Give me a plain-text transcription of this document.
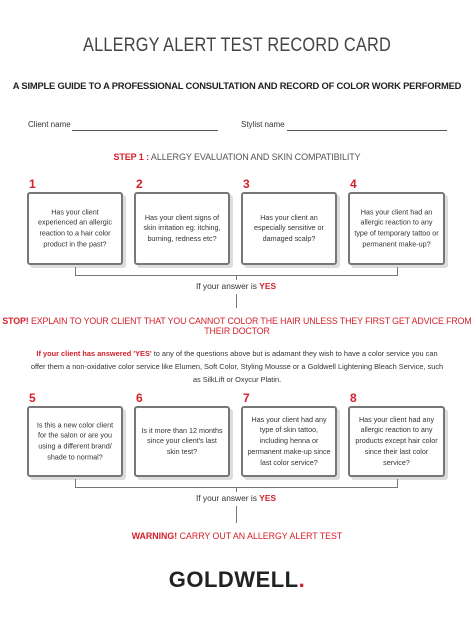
ALLERGY ALERT TEST RECORD CARD
A SIMPLE GUIDE TO A PROFESSIONAL CONSULTATION AND RECORD OF COLOR WORK PERFORMED
Client name	Stylist name
STEP 1 : ALLERGY EVALUATION AND SKIN COMPATIBILITY
1
Has your client experienced an allergic reaction to a hair color product in the past?
2
Has your client signs of skin irritation eg: itching, burning, redness etc?
3
Has your client an especially sensitive or damaged scalp?
4
Has your client had an allergic reaction to any type of temporary tattoo or permanent make-up?
If your answer is YES
STOP! EXPLAIN TO YOUR CLIENT THAT YOU CANNOT COLOR THE HAIR UNLESS THEY FIRST GET ADVICE FROM THEIR DOCTOR
If your client has answered 'YES' to any of the questions above but is adamant they wish to have a color service you can offer them a non-oxidative color service like Elumen, Soft Color, Styling Mousse or a Goldwell Lightening Bleach Service, such as SilkLift or Oxycur Platin.
5
Is this a new color client for the salon or are you using a different brand/ shade to normal?
6
Is it more than 12 months since your client's last skin test?
7
Has your client had any type of skin tattoo, including henna or permanent make-up since last color service?
8
Has your client had any allergic reaction to any products except hair color since their last color service?
If your answer is YES
WARNING! CARRY OUT AN ALLERGY ALERT TEST
GOLDWELL.
